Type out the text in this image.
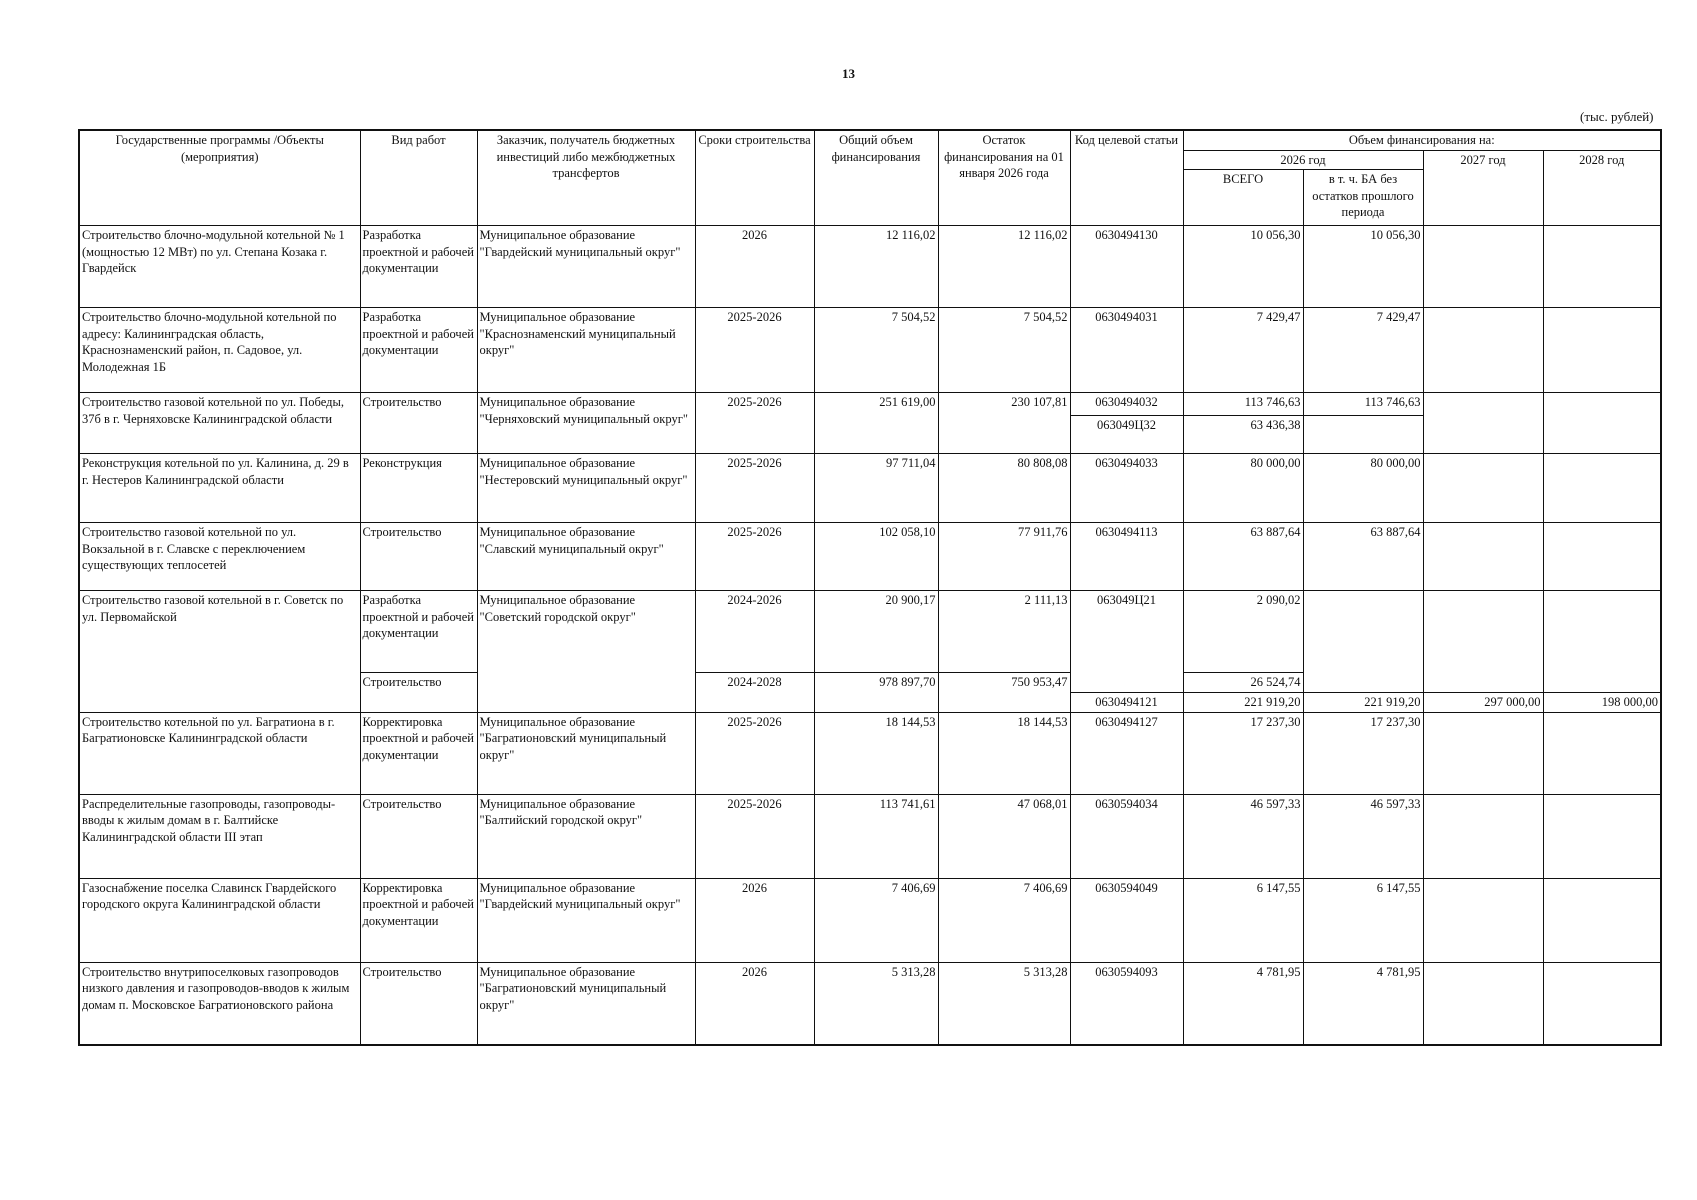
13
(тыс. рублей)
Государственные программы /Объекты (мероприятия)	Вид работ	Заказчик, получатель бюджетных инвестиций либо межбюджетных трансфертов	Сроки строительства	Общий объем финансирования	Остаток финансирования на 01 января 2026 года	Код целевой статьи	Объем финансирования на:			
							2026 год		2027 год	2028 год
							ВСЕГО	в т. ч. БА без остатков прошлого периода		
Строительство блочно-модульной котельной № 1 (мощностью 12 МВт) по ул. Степана Козака г. Гвардейск	Разработка проектной и рабочей документации	Муниципальное образование "Гвардейский муниципальный округ"	2026	12 116,02	12 116,02	0630494130	10 056,30	10 056,30		
Строительство блочно-модульной котельной по адресу: Калининградская область, Краснознаменский район, п. Садовое, ул. Молодежная 1Б	Разработка проектной и рабочей документации	Муниципальное образование "Краснознаменский муниципальный округ"	2025-2026	7 504,52	7 504,52	0630494031	7 429,47	7 429,47		
Строительство газовой котельной по ул. Победы, 37б в г. Черняховске Калининградской области	Строительство	Муниципальное образование "Черняховский муниципальный округ"	2025-2026	251 619,00	230 107,81	0630494032	113 746,63	113 746,63		
						063049Ц32	63 436,38			
Реконструкция котельной по ул. Калинина, д. 29 в г. Нестеров Калининградской области	Реконструкция	Муниципальное образование "Нестеровский муниципальный округ"	2025-2026	97 711,04	80 808,08	0630494033	80 000,00	80 000,00		
Строительство газовой котельной по ул. Вокзальной в г. Славске с переключением существующих теплосетей	Строительство	Муниципальное образование "Славский муниципальный округ"	2025-2026	102 058,10	77 911,76	0630494113	63 887,64	63 887,64		
Строительство газовой котельной в г. Советск по ул. Первомайской	Разработка проектной и рабочей документации	Муниципальное образование "Советский городской округ"	2024-2026	20 900,17	2 111,13	063049Ц21	2 090,02			
	Строительство		2024-2028	978 897,70	750 953,47		26 524,74			
						0630494121	221 919,20	221 919,20	297 000,00	198 000,00
Строительство котельной по ул. Багратиона в г. Багратионовске Калининградской области	Корректировка проектной и рабочей документации	Муниципальное образование "Багратионовский муниципальный округ"	2025-2026	18 144,53	18 144,53	0630494127	17 237,30	17 237,30		
Распределительные газопроводы, газопроводы-вводы к жилым домам в г. Балтийске Калининградской области III этап	Строительство	Муниципальное образование "Балтийский городской округ"	2025-2026	113 741,61	47 068,01	0630594034	46 597,33	46 597,33		
Газоснабжение поселка Славинск Гвардейского городского округа Калининградской области	Корректировка проектной и рабочей документации	Муниципальное образование "Гвардейский муниципальный округ"	2026	7 406,69	7 406,69	0630594049	6 147,55	6 147,55		
Строительство внутрипоселковых газопроводов низкого давления и газопроводов-вводов к жилым домам п. Московское Багратионовского района	Строительство	Муниципальное образование "Багратионовский муниципальный округ"	2026	5 313,28	5 313,28	0630594093	4 781,95	4 781,95		
